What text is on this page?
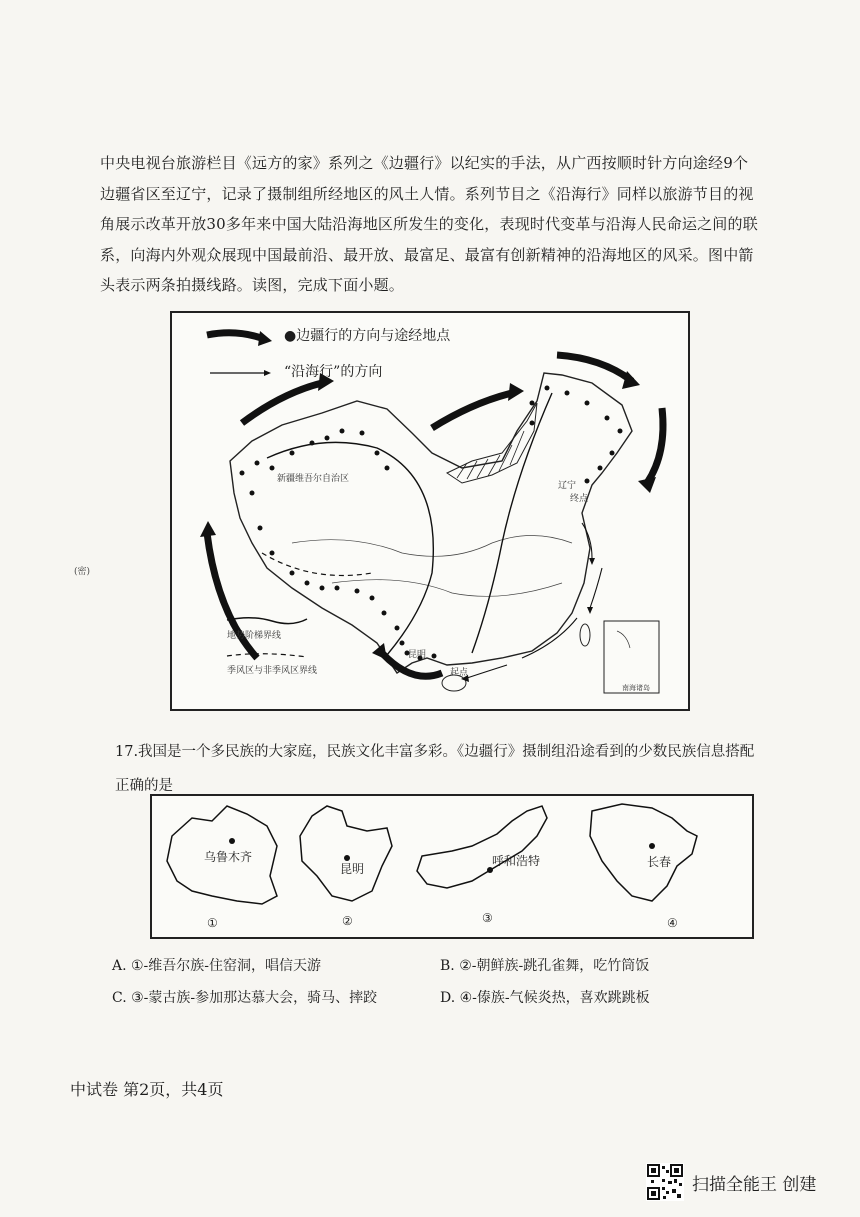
中央电视台旅游栏目《远方的家》系列之《边疆行》以纪实的手法，从广西按顺时针方向途经9个边疆省区至辽宁，记录了摄制组所经地区的风土人情。系列节目之《沿海行》同样以旅游节目的视角展示改革开放30多年来中国大陆沿海地区所发生的变化，表现时代变革与沿海人民命运之间的联系，向海内外观众展现中国最前沿、最开放、最富足、最富有创新精神的沿海地区的风采。图中箭头表示两条拍摄线路。读图，完成下面小题。
●边疆行的方向与途经地点
“沿海行”的方向
新疆维吾尔自治区
辽宁
终点
昆明
起点
南海诸岛
地势阶梯界线
季风区与非季风区界线
(密)
17.我国是一个多民族的大家庭，民族文化丰富多彩。《边疆行》摄制组沿途看到的少数民族信息搭配正确的是
乌鲁木齐
昆明
呼和浩特	长春
①	②	③	④
A. ①-维吾尔族-住窑洞，唱信天游	B. ②-朝鲜族-跳孔雀舞，吃竹筒饭
C. ③-蒙古族-参加那达慕大会，骑马、摔跤	D. ④-傣族-气候炎热，喜欢跳跳板
中试卷 第2页，共4页
扫描全能王 创建
